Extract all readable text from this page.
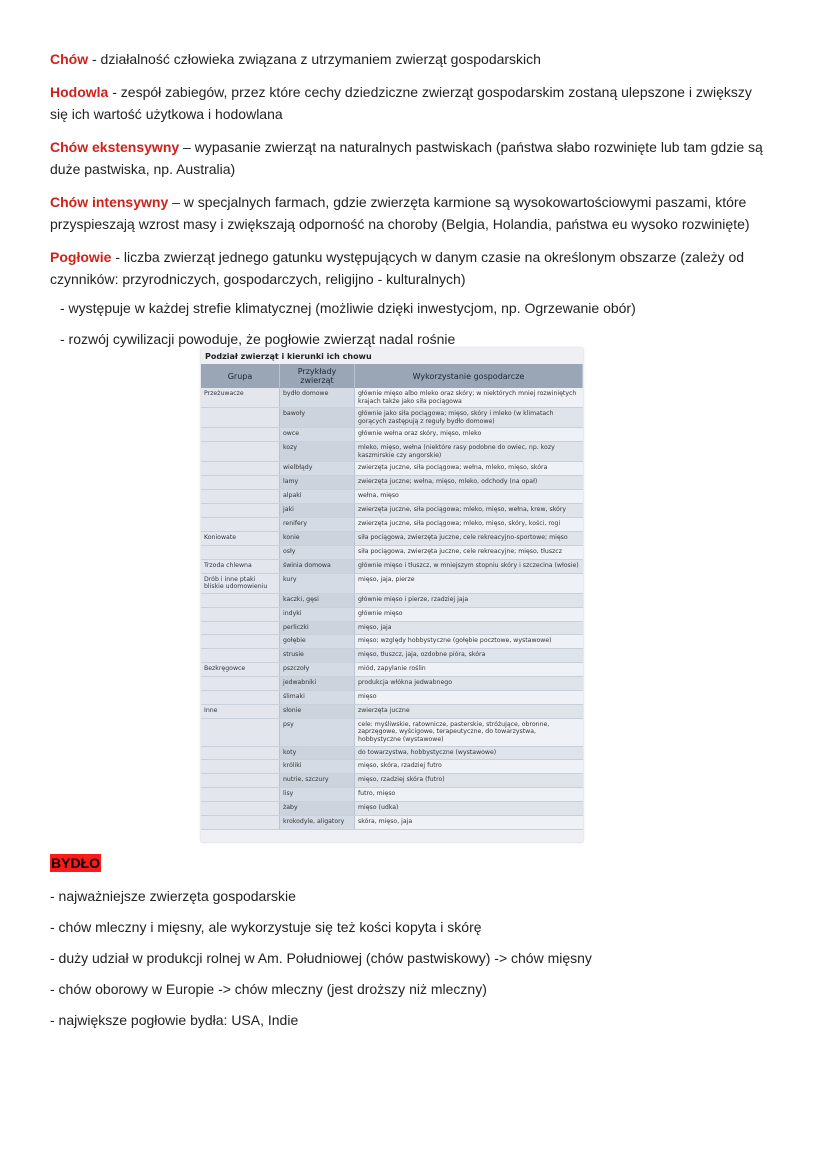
Chów - działalność człowieka związana z utrzymaniem zwierząt gospodarskich
Hodowla - zespół zabiegów, przez które cechy dziedziczne zwierząt gospodarskim zostaną ulepszone i zwiększy się ich wartość użytkowa i hodowlana
Chów ekstensywny – wypasanie zwierząt na naturalnych pastwiskach (państwa słabo rozwinięte lub tam gdzie są duże pastwiska, np. Australia)
Chów intensywny – w specjalnych farmach, gdzie zwierzęta karmione są wysokowartościowymi paszami, które przyspieszają wzrost masy i zwiększają odporność na choroby (Belgia, Holandia, państwa eu wysoko rozwinięte)
Pogłowie - liczba zwierząt jednego gatunku występujących w danym czasie na określonym obszarze (zależy od czynników: przyrodniczych, gospodarczych, religijno - kulturalnych)
- występuje w każdej strefie klimatycznej (możliwie dzięki inwestycjom, np. Ogrzewanie obór)
- rozwój cywilizacji powoduje, że pogłowie zwierząt nadal rośnie
Podział zwierząt i kierunki ich chowu
Grupa	Przykłady zwierząt	Wykorzystanie gospodarcze
Przeżuwacze	bydło domowe	głównie mięso albo mleko oraz skóry; w niektórych mniej rozwiniętych krajach także jako siła pociągowa
	bawoły	głównie jako siła pociągowa; mięso, skóry i mleko (w klimatach gorących zastępują z reguły bydło domowe)
	owce	głównie wełna oraz skóry, mięso, mleko
	kozy	mleko, mięso, wełna (niektóre rasy podobne do owiec, np. kozy kaszmirskie czy angorskie)
	wielbłądy	zwierzęta juczne, siła pociągowa; wełna, mleko, mięso, skóra
	lamy	zwierzęta juczne; wełna, mięso, mleko, odchody (na opał)
	alpaki	wełna, mięso
	jaki	zwierzęta juczne, siła pociągowa; mleko, mięso, wełna, krew, skóry
	renifery	zwierzęta juczne, siła pociągowa; mleko, mięso, skóry, kości, rogi
Koniowate	konie	siła pociągowa, zwierzęta juczne, cele rekreacyjno-sportowe; mięso
	osły	siła pociągowa, zwierzęta juczne, cele rekreacyjne; mięso, tłuszcz
Trzoda chlewna	świnia domowa	głównie mięso i tłuszcz, w mniejszym stopniu skóry i szczecina (włosie)
Drób i inne ptaki bliskie udomowieniu	kury	mięso, jaja, pierze
	kaczki, gęsi	głównie mięso i pierze, rzadziej jaja
	indyki	głównie mięso
	perliczki	mięso, jaja
	gołębie	mięso; względy hobbystyczne (gołębie pocztowe, wystawowe)
	strusie	mięso, tłuszcz, jaja, ozdobne pióra, skóra
Bezkręgowce	pszczoły	miód, zapylanie roślin
	jedwabniki	produkcja włókna jedwabnego
	ślimaki	mięso
Inne	słonie	zwierzęta juczne
	psy	cele: myśliwskie, ratownicze, pasterskie, stróżujące, obronne, zaprzęgowe, wyścigowe, terapeutyczne, do towarzystwa, hobbystyczne (wystawowe)
	koty	do towarzystwa, hobbystyczne (wystawowe)
	króliki	mięso, skóra, rzadziej futro
	nutrie, szczury	mięso, rzadziej skóra (futro)
	lisy	futro, mięso
	żaby	mięso (udka)
	krokodyle, aligatory	skóra, mięso, jaja
BYDŁO
- najważniejsze zwierzęta gospodarskie
- chów mleczny i mięsny, ale wykorzystuje się też kości kopyta i skórę
- duży udział w produkcji rolnej w Am. Południowej (chów pastwiskowy) -> chów mięsny
- chów oborowy w Europie -> chów mleczny (jest droższy niż mleczny)
- największe pogłowie bydła: USA, Indie
